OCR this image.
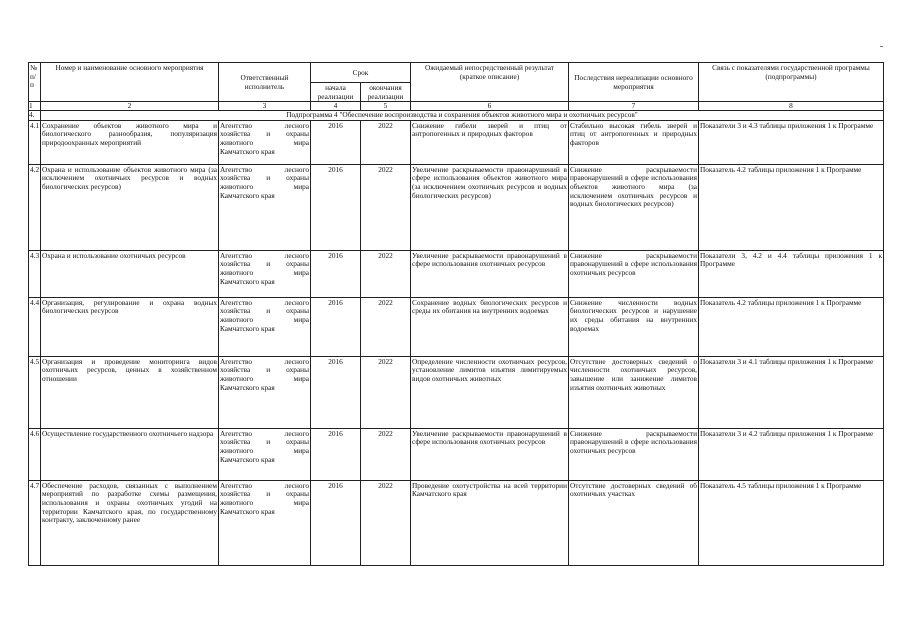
№ п/п	Номер и наименование основного мероприятия	Ответственный исполнитель	Срок		Ожидаемый непосредственный результат (краткое описание)	Последствия нереализации основного мероприятия	Связь с показателями государственной программы (подпрограммы)
			начала реализации	окончания реализации			
1	2	3	4	5	6	7	8
4.	Подпрограмма 4 "Обеспечение воспроизводства и сохранения объектов животного мира и охотничьих ресурсов"						
4.1	Сохранение объектов животного мира и биологического разнообразия, популяризация природоохранных мероприятий	Агентство лесного хозяйства и охраны животного мира Камчатского края	2016	2022	Снижение гибели зверей и птиц от антропогенных и природных факторов	Стабильно высокая гибель зверей и птиц от антропогенных и природных факторов	Показатели 3 и 4.3 таблицы приложения 1 к Программе
4.2	Охрана и использование объектов животного мира (за исключением охотничьих ресурсов и водных биологических ресурсов)	Агентство лесного хозяйства и охраны животного мира Камчатского края	2016	2022	Увеличение раскрываемости правонарушений в сфере использования объектов животного мира (за исключением охотничьих ресурсов и водных биологических ресурсов)	Снижение раскрываемости правонарушений в сфере использования объектов животного мира (за исключением охотничьих ресурсов и водных биологических ресурсов)	Показатель 4.2 таблицы приложения 1 к Программе
4.3	Охрана и использование охотничьих ресурсов	Агентство лесного хозяйства и охраны животного мира Камчатского края	2016	2022	Увеличение раскрываемости правонарушений в сфере использования охотничьих ресурсов	Снижение раскрываемости правонарушений в сфере использования охотничьих ресурсов	Показатели 3, 4.2 и 4.4 таблицы приложения 1 к Программе
4.4	Организация, регулирование и охрана водных биологических ресурсов	Агентство лесного хозяйства и охраны животного мира Камчатского края	2016	2022	Сохранение водных биологических ресурсов и среды их обитания на внутренних водоемах	Снижение численности водных биологических ресурсов и нарушение их среды обитания на внутренних водоемах	Показатель 4.2 таблицы приложения 1 к Программе
4.5	Организация и проведение мониторинга видов охотничьих ресурсов, ценных в хозяйственном отношении	Агентство лесного хозяйства и охраны животного мира Камчатского края	2016	2022	Определение численности охотничьих ресурсов, установление лимитов изъятия лимитируемых видов охотничьих животных	Отсутствие достоверных сведений о численности охотничьих ресурсов, завышение или занижение лимитов изъятия охотничьих животных	Показатели 3 и 4.1 таблицы приложения 1 к Программе
4.6	Осуществление государственного охотничьего надзора	Агентство лесного хозяйства и охраны животного мира Камчатского края	2016	2022	Увеличение раскрываемости правонарушений в сфере использования охотничьих ресурсов	Снижение раскрываемости правонарушений в сфере использования охотничьих ресурсов	Показатели 3 и 4.2 таблицы приложения 1 к Программе
4.7	Обеспечение расходов, связанных с выполнением мероприятий по разработке схемы размещения, использования и охраны охотничьих угодий на территории Камчатского края, по государственному контракту, заключенному ранее	Агентство лесного хозяйства и охраны животного мира Камчатского края	2016	2022	Проведение охотустройства на всей территории Камчатского края	Отсутствие достоверных сведений об охотничьих участках	Показатель 4.5 таблицы приложения 1 к Программе
